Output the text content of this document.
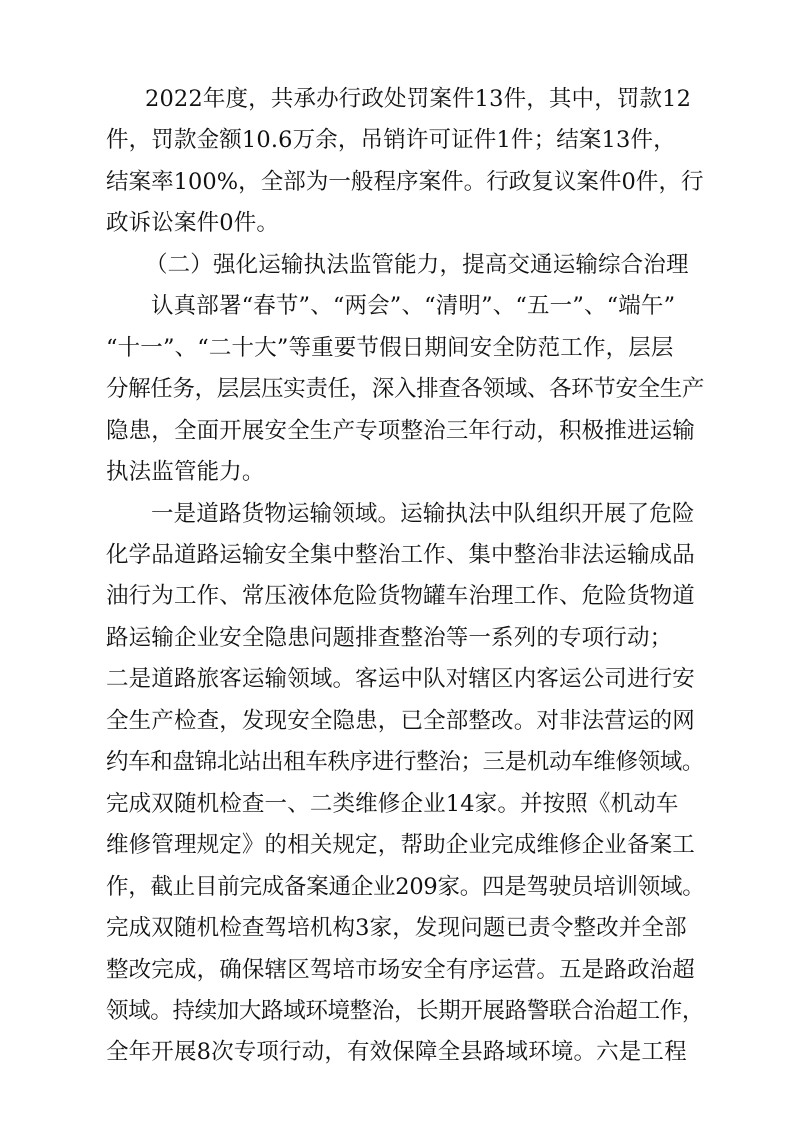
2022年度，共承办行政处罚案件13件，其中，罚款12
件，罚款金额10.6万余，吊销许可证件1件；结案13件，
结案率100%，全部为一般程序案件。行政复议案件0件，行
政诉讼案件0件。
（二）强化运输执法监管能力，提高交通运输综合治理
认真部署“春节”、“两会”、“清明”、“五一”、“端午”
“十一”、“二十大”等重要节假日期间安全防范工作，层层
分解任务，层层压实责任，深入排查各领域、各环节安全生产
隐患，全面开展安全生产专项整治三年行动，积极推进运输
执法监管能力。
一是道路货物运输领域。运输执法中队组织开展了危险
化学品道路运输安全集中整治工作、集中整治非法运输成品
油行为工作、常压液体危险货物罐车治理工作、危险货物道
路运输企业安全隐患问题排查整治等一系列的专项行动；
二是道路旅客运输领域。客运中队对辖区内客运公司进行安
全生产检查，发现安全隐患，已全部整改。对非法营运的网
约车和盘锦北站出租车秩序进行整治；三是机动车维修领域。
完成双随机检查一、二类维修企业14家。并按照《机动车
维修管理规定》的相关规定，帮助企业完成维修企业备案工
作，截止目前完成备案通企业209家。四是驾驶员培训领域。
完成双随机检查驾培机构3家，发现问题已责令整改并全部
整改完成，确保辖区驾培市场安全有序运营。五是路政治超
领域。持续加大路域环境整治，长期开展路警联合治超工作，
全年开展8次专项行动，有效保障全县路域环境。六是工程
